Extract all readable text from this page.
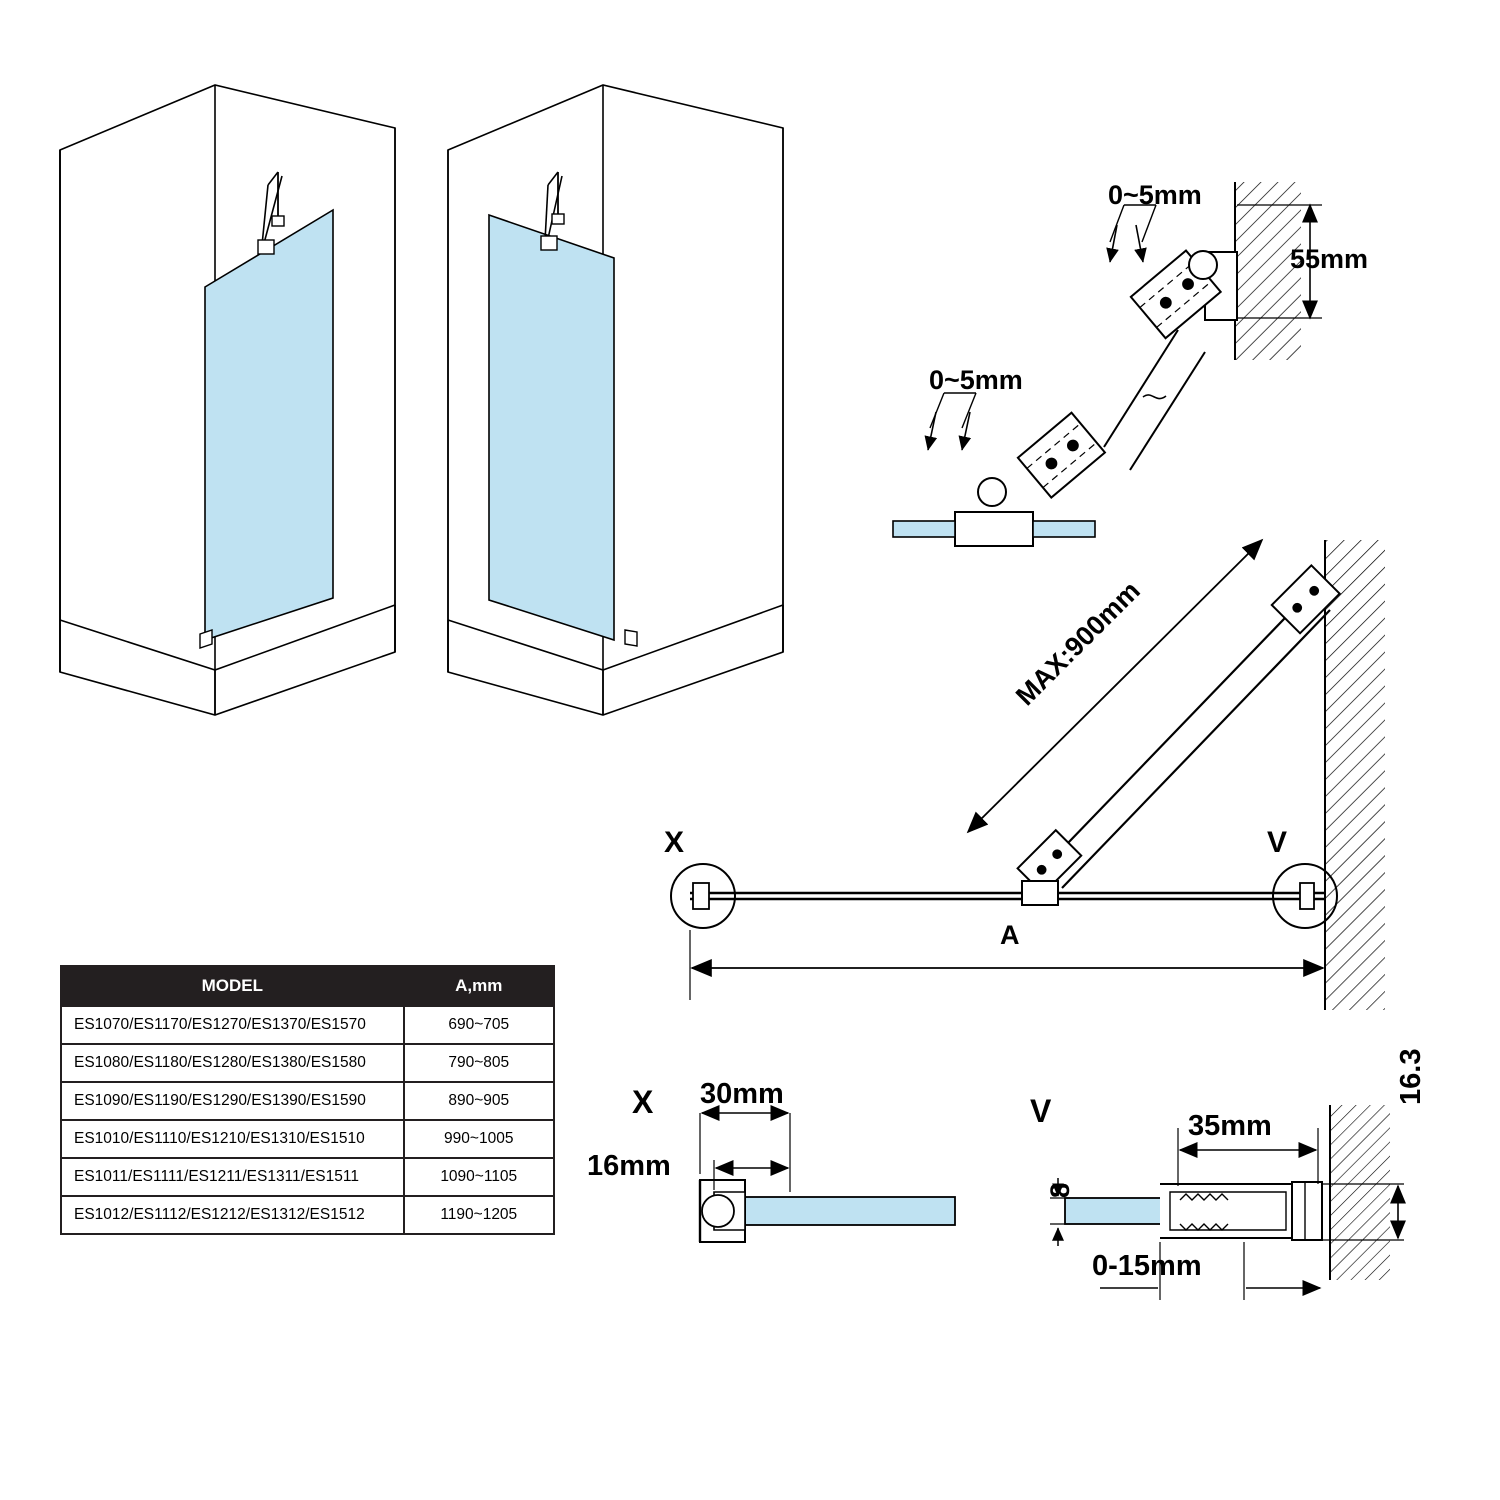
0~5mm
0~5mm
55mm
MAX:900mm
A
X	V
X 30mm
16mm
V	35mm
16.3
8
0-15mm
MODEL	A,mm
ES1070/ES1170/ES1270/ES1370/ES1570	690~705
ES1080/ES1180/ES1280/ES1380/ES1580	790~805
ES1090/ES1190/ES1290/ES1390/ES1590	890~905
ES1010/ES1110/ES1210/ES1310/ES1510	990~1005
ES1011/ES1111/ES1211/ES1311/ES1511	1090~1105
ES1012/ES1112/ES1212/ES1312/ES1512	1190~1205
